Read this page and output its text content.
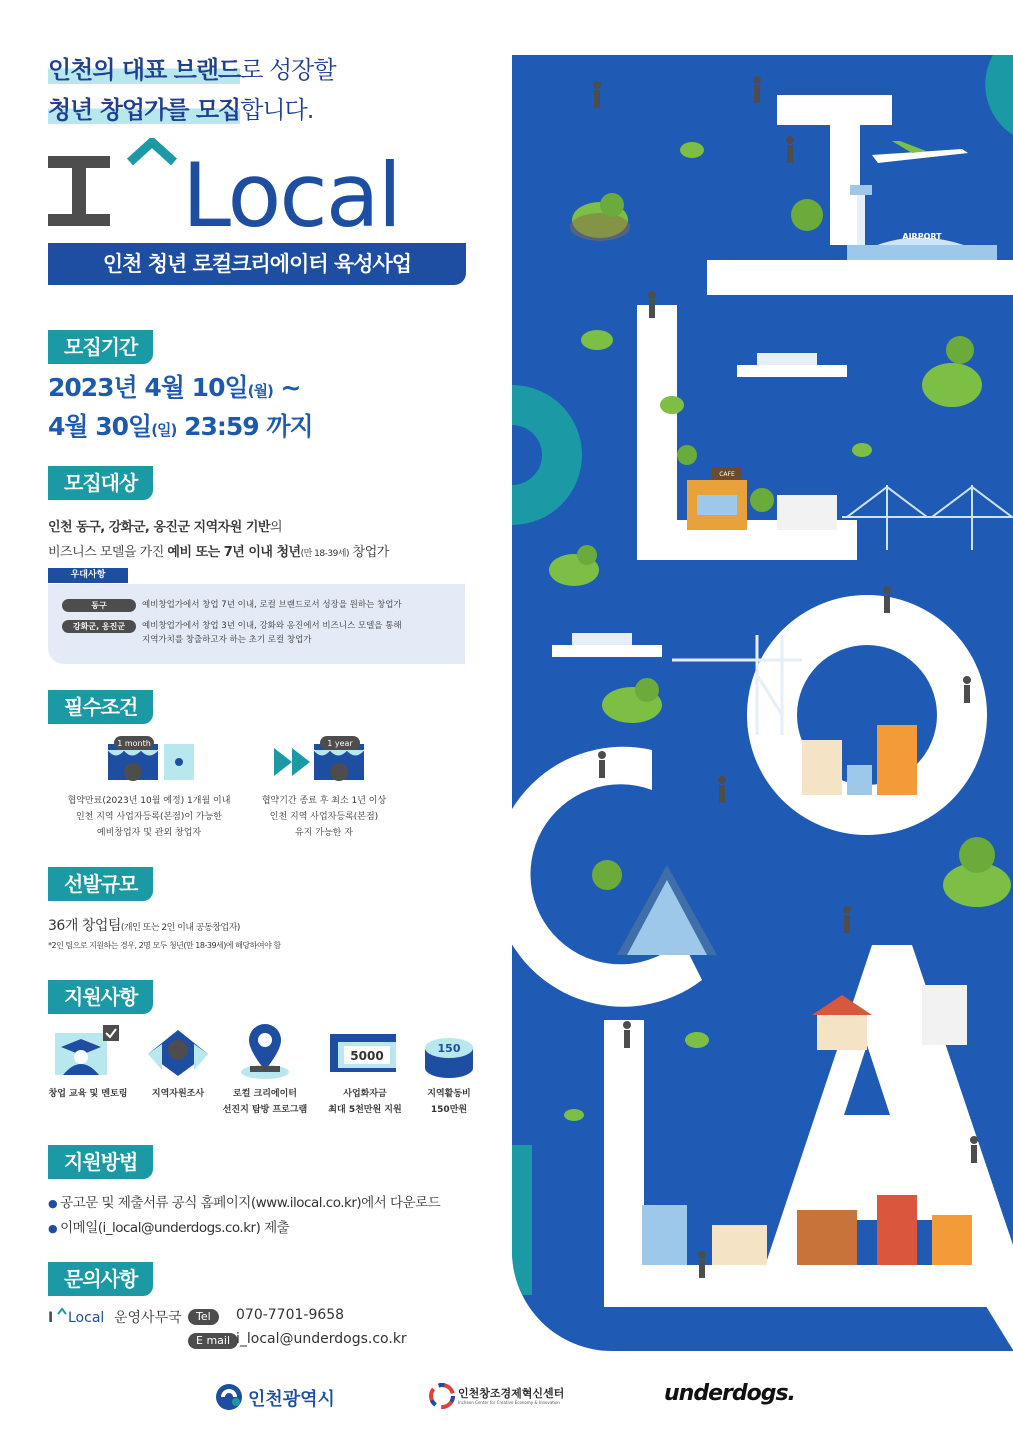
인천의 대표 브랜드로 성장할
청년 창업가를 모집합니다.
Local
인천 청년 로컬크리에이터 육성사업
모집기간
2023년 4월 10일(월) ~
4월 30일(일) 23:59 까지
모집대상
인천 동구, 강화군, 옹진군 지역자원 기반의
비즈니스 모델을 가진 예비 또는 7년 이내 청년(만 18-39세) 창업가
우대사항
동구	예비창업가에서 창업 7년 이내, 로컬 브랜드로서 성장을 원하는 창업가
강화군, 옹진군	예비창업가에서 창업 3년 이내, 강화와 옹진에서 비즈니스 모델을 통해
지역가치를 창출하고자 하는 초기 로컬 창업가
필수조건
1 month
협약만료(2023년 10월 예정) 1개월 이내
인천 지역 사업자등록(본점)이 가능한
예비창업자 및 관외 창업자
1 year
협약기간 종료 후 최소 1년 이상
인천 지역 사업자등록(본점)
유지 가능한 자
선발규모
36개 창업팀(개인 또는 2인 이내 공동창업자)
*2인 팀으로 지원하는 경우, 2명 모두 청년(만 18-39세)에 해당하여야 함
지원사항
창업 교육 및 멘토링	지역자원조사	로컬 크리에이터
선진지 탐방 프로그램
5000
사업화자금
최대 5천만원 지원
150
지역활동비
150만원
지원방법
● 공고문 및 제출서류 공식 홈페이지(www.ilocal.co.kr)에서 다운로드
● 이메일(i_local@underdogs.co.kr) 제출
문의사항
I Local 운영사무국	Tel	070-7701-9658
E mail i_local@underdogs.co.kr
인천광역시	인천창조경제혁신센터
Incheon Center for Creative Economy & Innovation	underdogs.
AIRPORT
CAFE
